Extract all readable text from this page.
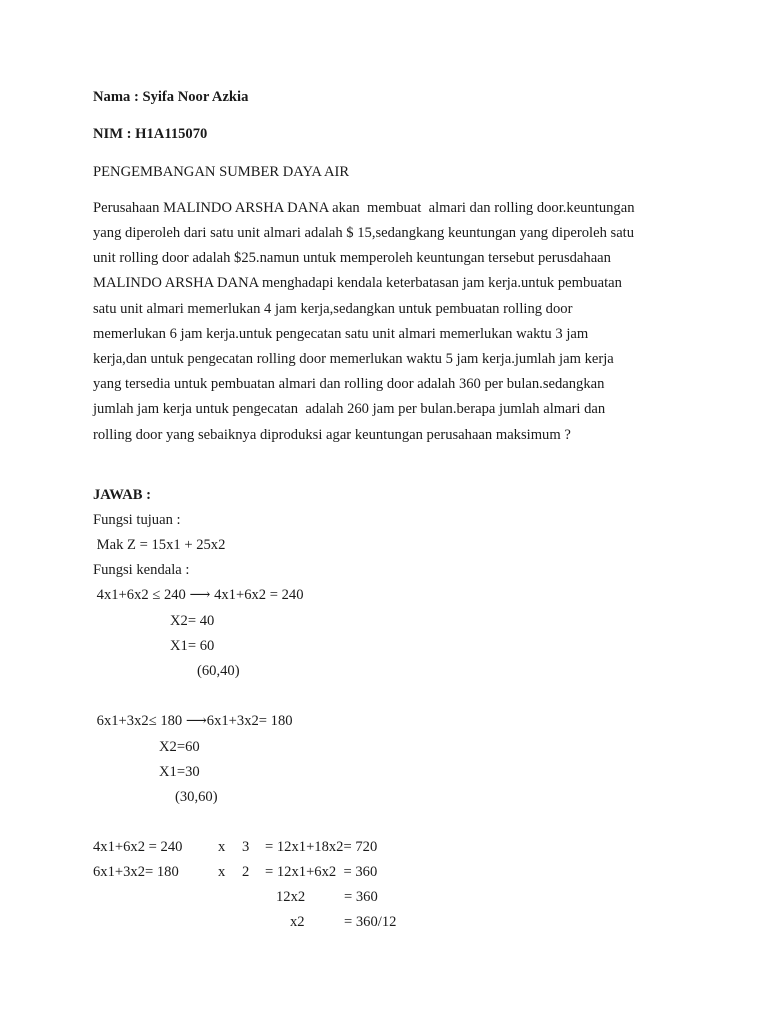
Nama : Syifa Noor Azkia
NIM : H1A115070
PENGEMBANGAN SUMBER DAYA AIR
Perusahaan MALINDO ARSHA DANA akan  membuat  almari dan rolling door.keuntungan
yang diperoleh dari satu unit almari adalah $ 15,sedangkang keuntungan yang diperoleh satu
unit rolling door adalah $25.namun untuk memperoleh keuntungan tersebut perusdahaan
MALINDO ARSHA DANA menghadapi kendala keterbatasan jam kerja.untuk pembuatan
satu unit almari memerlukan 4 jam kerja,sedangkan untuk pembuatan rolling door
memerlukan 6 jam kerja.untuk pengecatan satu unit almari memerlukan waktu 3 jam
kerja,dan untuk pengecatan rolling door memerlukan waktu 5 jam kerja.jumlah jam kerja
yang tersedia untuk pembuatan almari dan rolling door adalah 360 per bulan.sedangkan
jumlah jam kerja untuk pengecatan  adalah 260 jam per bulan.berapa jumlah almari dan
rolling door yang sebaiknya diproduksi agar keuntungan perusahaan maksimum ?
JAWAB :
Fungsi tujuan :
Mak Z = 15x1 + 25x2
Fungsi kendala :
4x1+6x2 ≤ 240 ⟶ 4x1+6x2 = 240
X2= 40
X1= 60
(60,40)
6x1+3x2≤ 180 ⟶6x1+3x2= 180
X2=60
X1=30
(30,60)
4x1+6x2 = 240 x 3 = 12x1+18x2= 720
6x1+3x2= 180	x 2 = 12x1+6x2  = 360
12x2	= 360
x2	= 360/12
